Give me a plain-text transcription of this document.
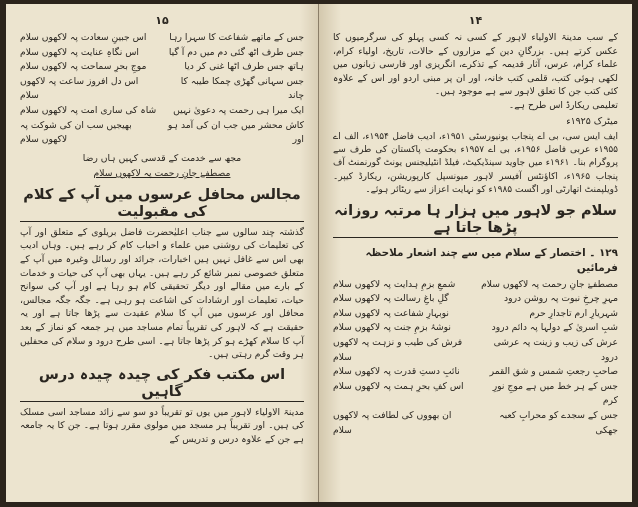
۱۵
جس کے ماتھے شفاعت کا سہرا رہا
اس جبینِ سعادت پہ لاکھوں سلام
جس طرف اٹھ گئی دم میں دم آ گیا
اس نگاہِ عنایت پہ لاکھوں سلام
ہاتھ جس طرف اٹھا غنی کر دیا
موجِ بحرِ سماحت پہ لاکھوں سلام
جس سہانی گھڑی چمکا طیبہ کا چاند
اس دل افروز ساعت پہ لاکھوں سلام
ایک میرا ہی رحمت پہ دعویٰ نہیں
شاہ کی ساری امت پہ لاکھوں سلام
کاش محشر میں جب ان کی آمد ہو اور
بھیجیں سب ان کی شوکت پہ لاکھوں سلام
مجھ سے خدمت کے قدسی کہیں ہاں رضا
مصطفےٰ جانِ رحمت پہ لاکھوں سلام
مجالس محافل عرسوں میں آپ کے کلام کی مقبولیت

گذشتہ چند سالوں سے جناب اعلیٰحضرت فاضل بریلوی کے متعلق اور آپ کی تعلیمات کی روشنی میں علماء و احباب کام کر رہے ہیں۔ وہاں ادیب بھی اس سے غافل نہیں ہیں اخبارات، جرائد اور رسائل وغیرہ میں آپ کے متعلق خصوصی نمبر شائع کر رہے ہیں۔ یہاں بھی آپ کی حیات و خدمات کے بارے میں مقالے اور دیگر تحقیقی کام ہو رہا ہے اور آپ کی سوانح حیات، تعلیمات اور ارشادات کی اشاعت ہو رہی ہے۔ جگہ جگہ مجالس، محافل اور عرسوں میں آپ کا سلام عقیدت سے پڑھا جاتا ہے اور یہ حقیقت ہے کہ لاہور کی تقریباً تمام مساجد میں ہر جمعہ کو نماز کے بعد آپ کا سلام کھڑے ہو کر پڑھا جاتا ہے۔ اسی طرح درود و سلام کی محفلیں ہر وقت گرم رہتی ہیں۔

اس مکتب فکر کی چیدہ چیدہ درس گاہیں

مدینۃ الاولیاء لاہور میں یوں تو تقریباً دو سو سے زائد مساجد اسی مسلک کی ہیں۔ اور تقریباً ہر مسجد میں مولوی مقرر ہوتا ہے۔ جن کا یہ جامعہ ہے جن کے علاوہ درس و تدریس کے

۱۴

کے سب مدینۃ الاولیاء لاہور کے کسی نہ کسی پہلو کی سرگرمیوں کا عکس کرتے ہیں۔ بزرگانِ دین کے مزاروں کے حالات، تاریخ، اولیاء کرام، علماء کرام، عرس، آثار قدیمہ کے تذکرے، انگریزی اور فارسی زبانوں میں لکھی ہوئی کتب، قلمی کتب خانہ، اور ان پر مبنی اردو اور اس کے علاوہ کئی کتب جن کا تعلق لاہور سے ہے موجود ہیں۔

تعلیمی ریکارڈ اس طرح ہے۔

میٹرک ۱۹۲۵ء

ایف ایس سی، بی اے پنجاب یونیورسٹی ۱۹۵۱ء، ادیب فاضل ۱۹۵۴ء، الف اے ۱۹۵۵ء عربی فاضل ۱۹۵۶ء، بی اے ۱۹۵۷ء بحکومت پاکستان کی طرف سے پروگرام بنا۔ ۱۹۶۱ء میں جاوید سینڈیکیٹ، فیلڈ انٹیلیجنس یونٹ گورنمنٹ آف پنجاب ۱۹۶۵ء، اکاؤنٹس آفیسر لاہور میونسپل کارپوریشن، ریکارڈ کیپر۔ ڈویلپمنٹ اتھارٹی اور اگست ۱۹۸۵ء کو نہایت اعزاز سے ریٹائر ہوئے۔

سلام جو لاہور میں ہزار ہا مرتبہ روزانہ پڑھا جاتا ہے
۱۲۹ ۔ اختصار کے سلام میں سے چند اشعار ملاحظہ فرمائیں
مصطفےٰ جانِ رحمت پہ لاکھوں سلام
شمعِ بزمِ ہدایت پہ لاکھوں سلام
مہرِ چرخِ نبوت پہ روشن درود
گلِ باغِ رسالت پہ لاکھوں سلام
شہریارِ ارم تاجدارِ حرم
نوبہارِ شفاعت پہ لاکھوں سلام
شبِ اسریٰ کے دولہا پہ دائم درود
نوشۂ بزمِ جنت پہ لاکھوں سلام
عرش کی زیب و زینت پہ عرشی درود
فرش کی طیب و نزہت پہ لاکھوں سلام
صاحبِ رجعتِ شمس و شق القمر
نائبِ دستِ قدرت پہ لاکھوں سلام
جس کے ہر خط میں ہے موجِ نورِ کرم
اس کفِ بحرِ ہمت پہ لاکھوں سلام
جس کے سجدے کو محرابِ کعبہ جھکی
ان بھووں کی لطافت پہ لاکھوں سلام
